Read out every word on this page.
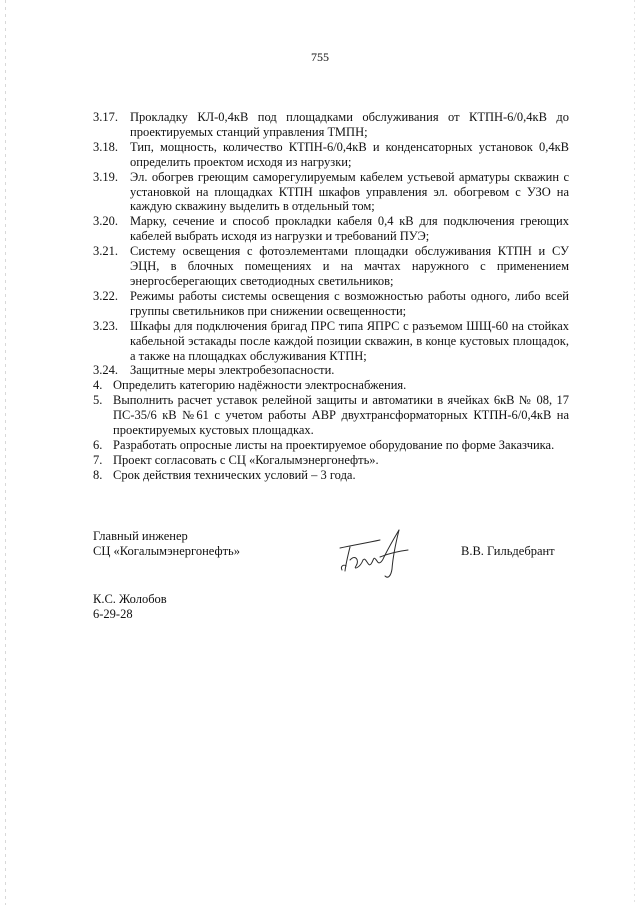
755
3.17. Прокладку КЛ-0,4кВ под площадками обслуживания от КТПН-6/0,4кВ до проектируемых станций управления ТМПН;
3.18. Тип, мощность, количество КТПН-6/0,4кВ и конденсаторных установок 0,4кВ определить проектом исходя из нагрузки;
3.19. Эл. обогрев греющим саморегулируемым кабелем устьевой арматуры скважин с установкой на площадках КТПН шкафов управления эл. обогревом с УЗО на каждую скважину выделить в отдельный том;
3.20. Марку, сечение и способ прокладки кабеля 0,4 кВ для подключения греющих кабелей выбрать исходя из нагрузки и требований ПУЭ;
3.21. Систему освещения с фотоэлементами площадки обслуживания КТПН и СУ ЭЦН, в блочных помещениях и на мачтах наружного с применением энергосберегающих светодиодных светильников;
3.22. Режимы работы системы освещения с возможностью работы одного, либо всей группы светильников при снижении освещенности;
3.23. Шкафы для подключения бригад ПРС типа ЯПРС с разъемом ШЩ-60 на стойках кабельной эстакады после каждой позиции скважин, в конце кустовых площадок, а также на площадках обслуживания КТПН;
3.24. Защитные меры электробезопасности.
4. Определить категорию надёжности электроснабжения.
5. Выполнить расчет уставок релейной защиты и автоматики в ячейках 6кВ № 08, 17 ПС-35/6 кВ №61 с учетом работы АВР двухтрансформаторных КТПН-6/0,4кВ на проектируемых кустовых площадках.
6. Разработать опросные листы на проектируемое оборудование по форме Заказчика.
7. Проект согласовать с СЦ «Когалымэнергонефть».
8. Срок действия технических условий – 3 года.
Главный инженер
СЦ «Когалымэнергонефть»	В.В. Гильдебрант
К.С. Жолобов
6-29-28
